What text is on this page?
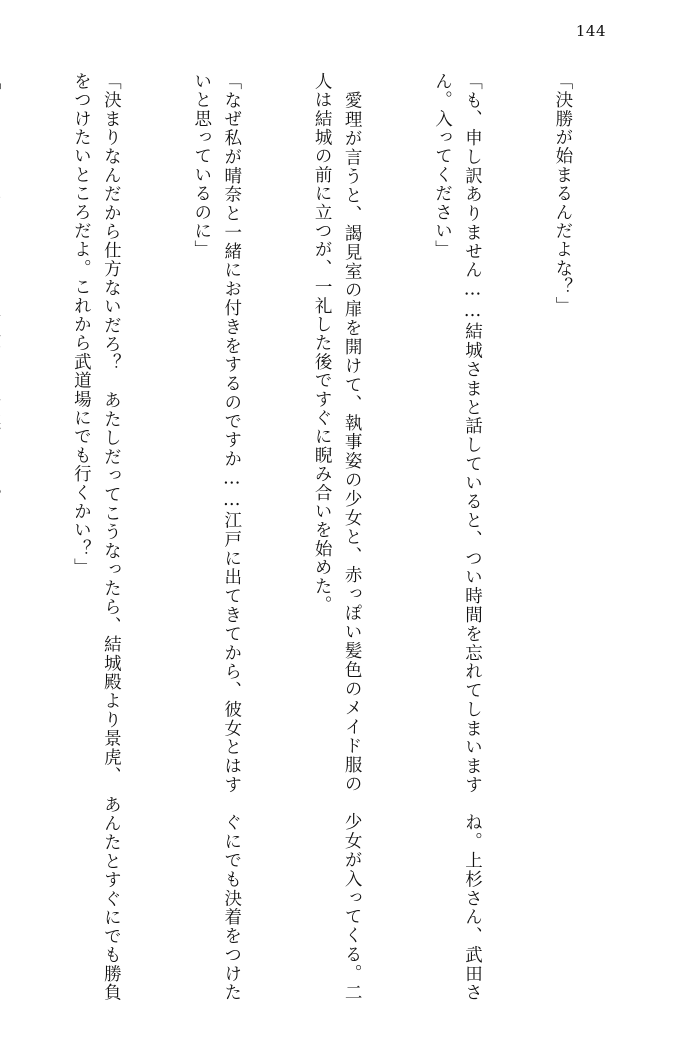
144

「決勝が始まるんだよな？」

「も、申し訳ありません……結城さまと話していると、つい時間を忘れてしまいます　ね。上杉さん、武田さん。入ってください」

　愛理が言うと、謁見室の扉を開けて、執事姿の少女と、赤っぽい髪色のメイド服の　少女が入ってくる。二人は結城の前に立つが、一礼した後ですぐに睨み合いを始めた。

「なぜ私が晴奈と一緒にお付きをするのですか……江戸に出てきてから、彼女とはす　ぐにでも決着をつけたいと思っているのに」

「決まりなんだから仕方ないだろ？　あたしだってこうなったら、結城殿より景虎、　あんたとすぐにでも勝負をつけたいところだよ。これから武道場にでも行くかい？」
